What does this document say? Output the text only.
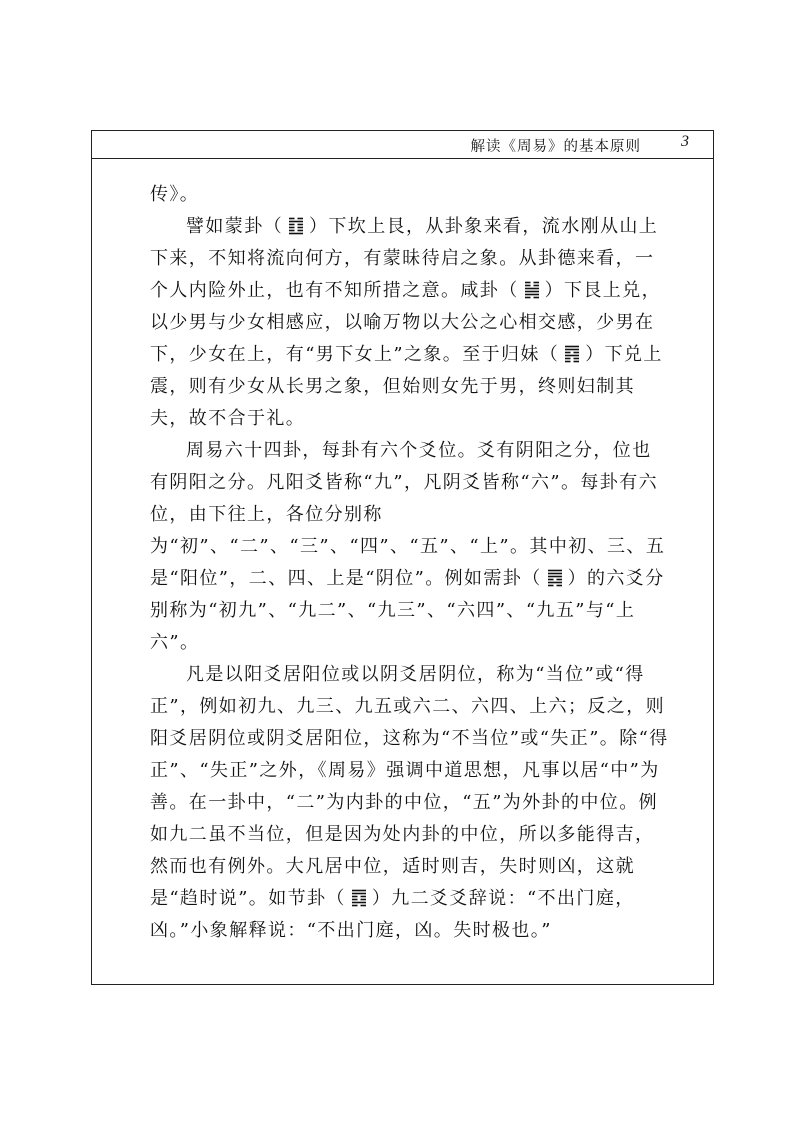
解读《周易》的基本原则	3

传》。

譬如蒙卦（ ）下坎上艮，从卦象来看，流水刚从山上下来，不知将流向何方，有蒙昧待启之象。从卦德来看，一个人内险外止，也有不知所措之意。咸卦（ ）下艮上兑，以少男与少女相感应，以喻万物以大公之心相交感，少男在下，少女在上，有“男下女上”之象。至于归妹（ ）下兑上震，则有少女从长男之象，但始则女先于男，终则妇制其夫，故不合于礼。

周易六十四卦，每卦有六个爻位。爻有阴阳之分，位也有阴阳之分。凡阳爻皆称“九”，凡阴爻皆称“六”。每卦有六位，由下往上，各位分别称为“初”、“二”、“三”、“四”、“五”、“上”。其中初、三、五是“阳位”，二、四、上是“阴位”。例如需卦（ ）的六爻分别称为“初九”、“九二”、“九三”、“六四”、“九五”与“上六”。

凡是以阳爻居阳位或以阴爻居阴位，称为“当位”或“得正”，例如初九、九三、九五或六二、六四、上六；反之，则阳爻居阴位或阴爻居阳位，这称为“不当位”或“失正”。除“得正”、“失正”之外，《周易》强调中道思想，凡事以居“中”为善。在一卦中，“二”为内卦的中位，“五”为外卦的中位。例如九二虽不当位，但是因为处内卦的中位，所以多能得吉，然而也有例外。大凡居中位，适时则吉，失时则凶，这就是“趋时说”。如节卦（ ）九二爻爻辞说：“不出门庭，凶。”小象解释说：“不出门庭，凶。失时极也。”
